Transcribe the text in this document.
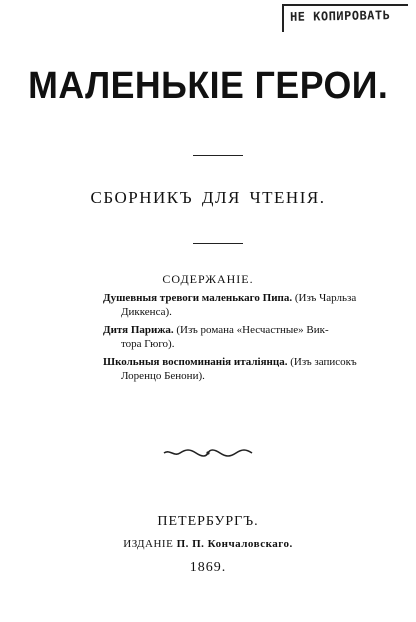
НЕ КОПИРОВАТЬ
МАЛЕНЬКІЕ ГЕРОИ.
СБОРНИКЪ ДЛЯ ЧТЕНІЯ.
СОДЕРЖАНІЕ.
Душевныя тревоги маленькаго Пипа. (Изъ Чарльза
Диккенса).
Дитя Парижа. (Изъ романа «Несчастные» Вик-
тора Гюго).
Школьныя воспоминанія италіянца. (Изъ записокъ
Лоренцо Бенони).
ПЕТЕРБУРГЪ.
ИЗДАНІЕ П. П. Кончаловскаго.
1869.
